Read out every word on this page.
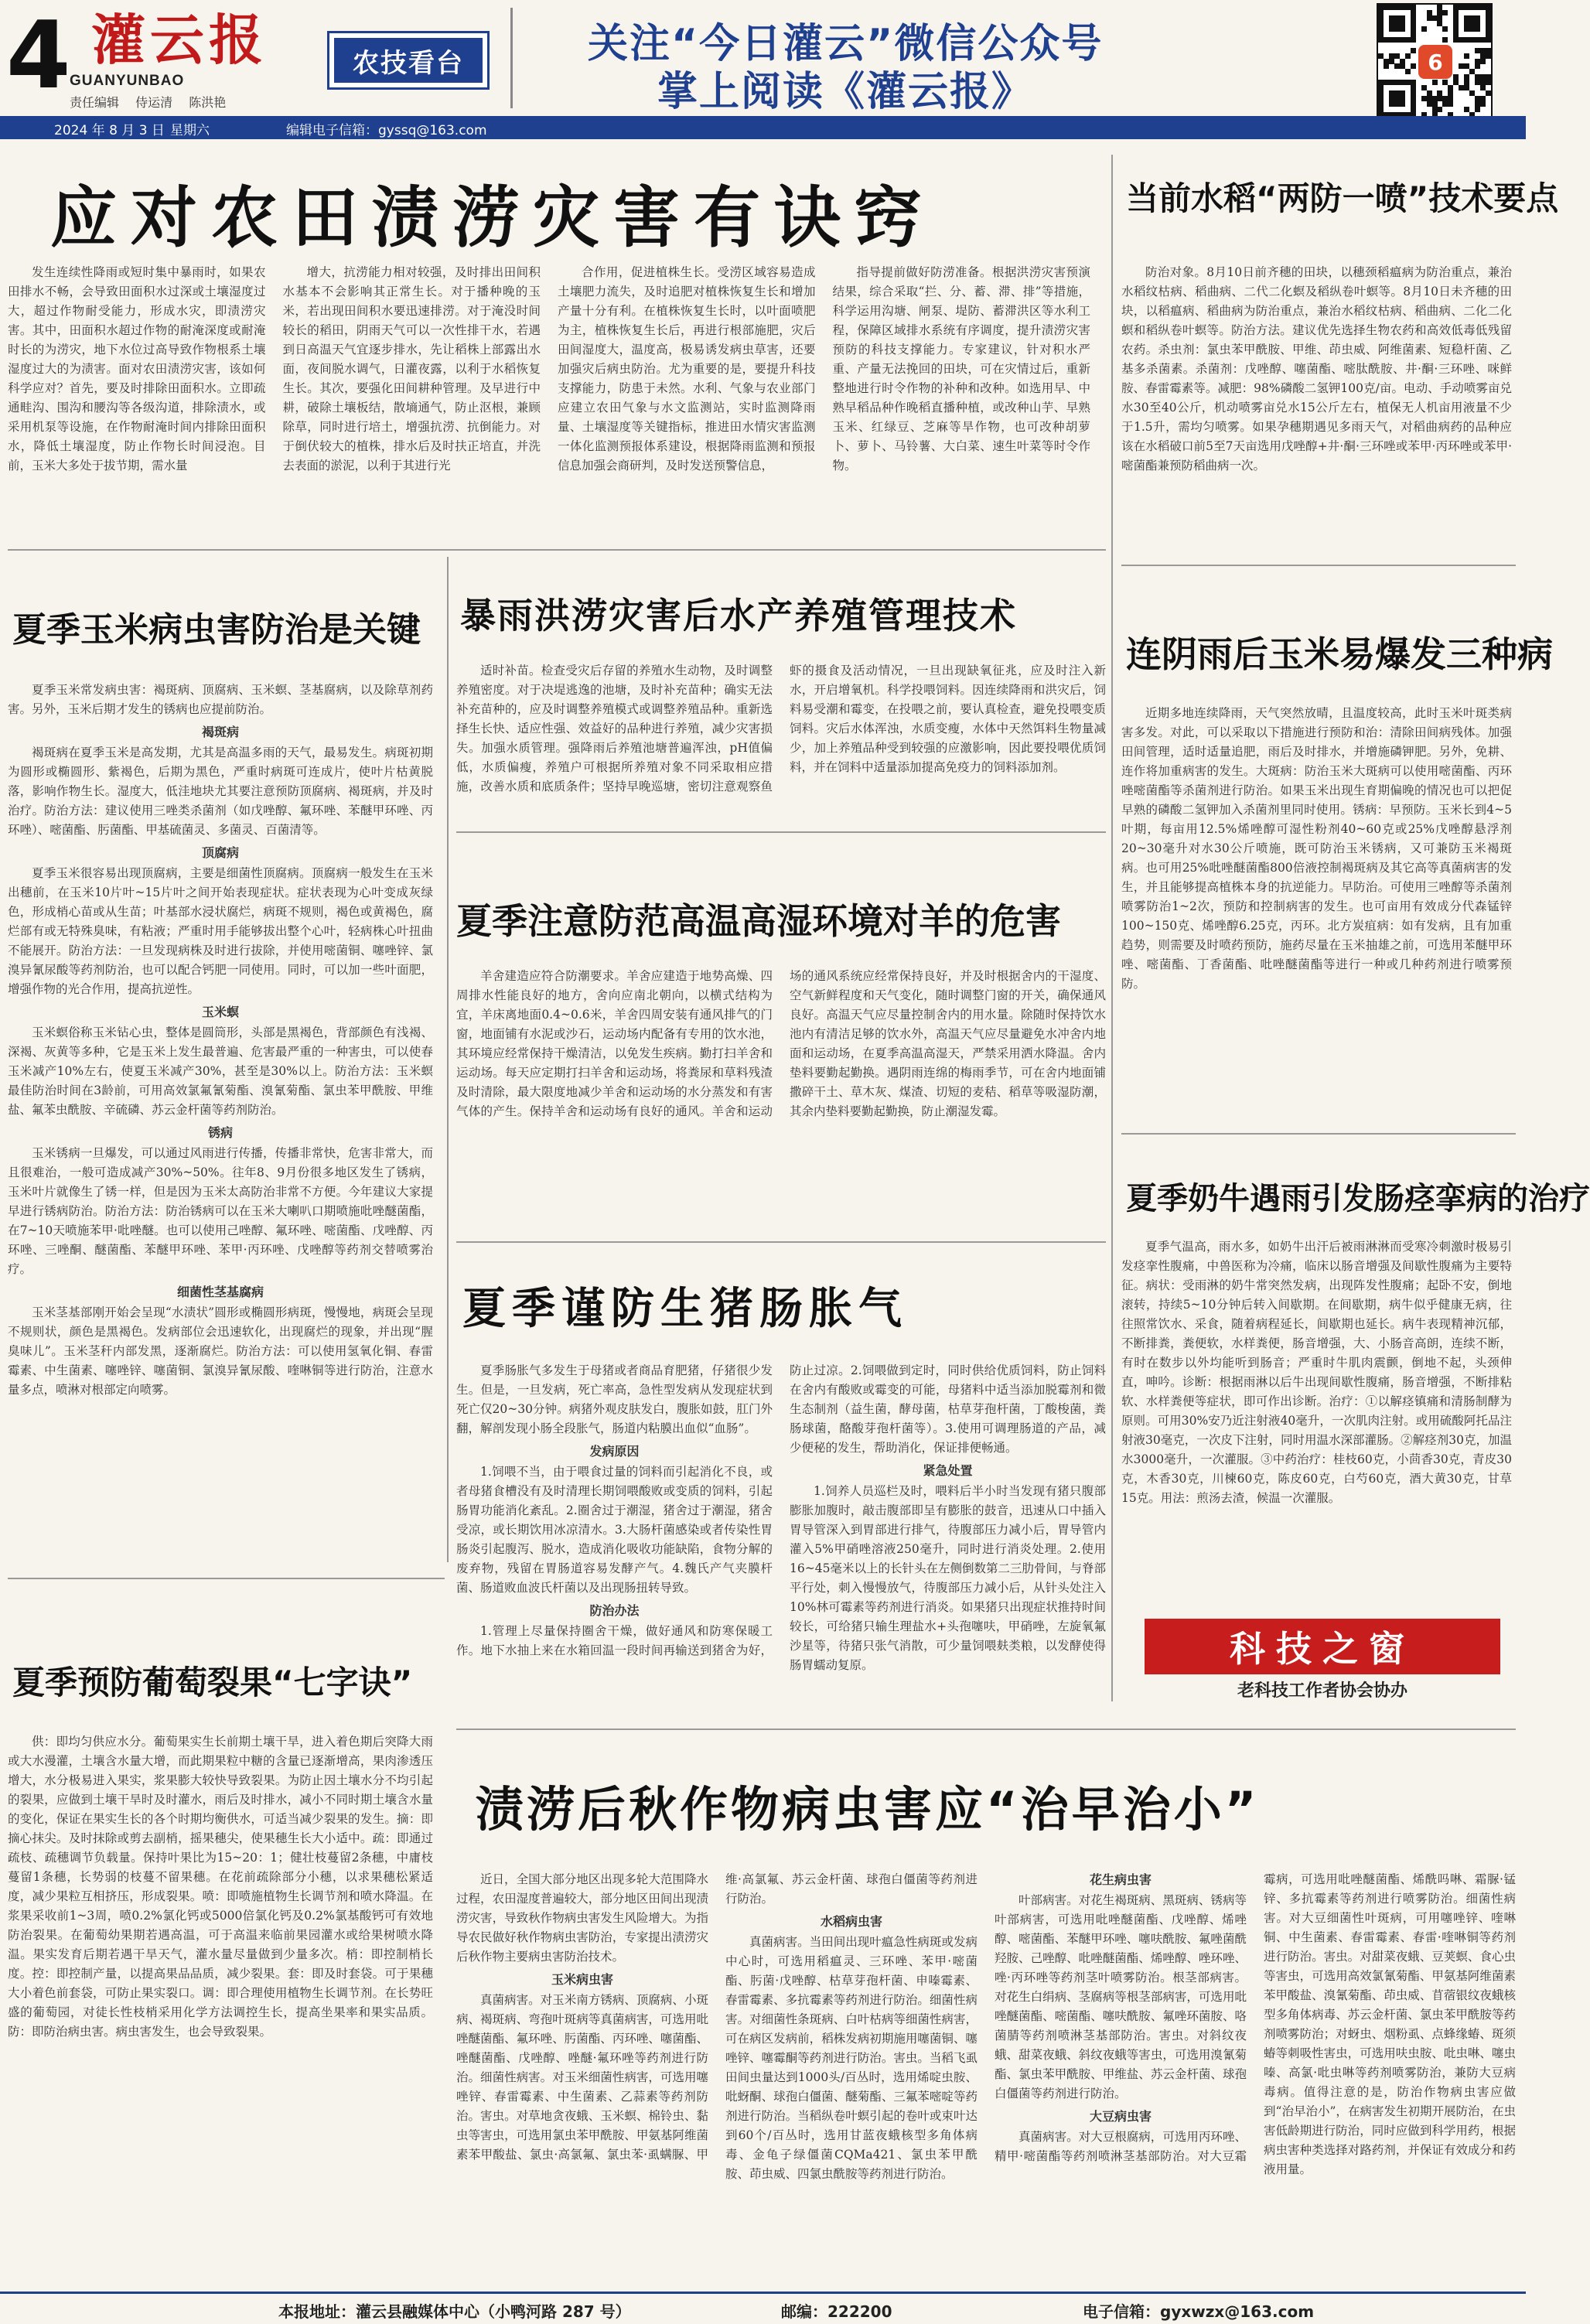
4 灌云报
GUANYUNBAO
责任编辑 侍运清 陈洪艳
农技看台	关注“今日灌云”微信公众号
掌上阅读《灌云报》
6
2024 年 8 月 3 日 星期六	编辑电子信箱：gyssq@163.com
应对农田渍涝灾害有诀窍

发生连续性降雨或短时集中暴雨时，如果农田排水不畅，会导致田面积水过深或土壤湿度过大，超过作物耐受能力，形成水灾，即渍涝灾害。其中，田面积水超过作物的耐淹深度或耐淹时长的为涝灾，地下水位过高导致作物根系土壤湿度过大的为渍害。面对农田渍涝灾害，该如何科学应对？首先，要及时排除田面积水。立即疏通畦沟、围沟和腰沟等各级沟道，排除渍水，或采用机泵等设施，在作物耐淹时间内排除田面积水，降低土壤湿度，防止作物长时间浸泡。目前，玉米大多处于拔节期，需水量

增大，抗涝能力相对较强，及时排出田间积水基本不会影响其正常生长。对于播种晚的玉米，若出现田间积水要迅速排涝。对于淹没时间较长的稻田，阴雨天气可以一次性排干水，若遇到日高温天气宜逐步排水，先让稻株上部露出水面，夜间脱水调气，日灌夜露，以利于水稻恢复生长。其次，要强化田间耕种管理。及早进行中耕，破除土壤板结，散墒通气，防止沤根，兼顾除草，同时进行培土，增强抗涝、抗倒能力。对于倒伏较大的植株，排水后及时扶正培直，并洗去表面的淤泥，以利于其进行光

合作用，促进植株生长。受涝区域容易造成土壤肥力流失，及时追肥对植株恢复生长和增加产量十分有利。在植株恢复生长时，以叶面喷肥为主，植株恢复生长后，再进行根部施肥，灾后田间湿度大，温度高，极易诱发病虫草害，还要加强灾后病虫防治。尤为重要的是，要提升科技支撑能力，防患于未然。水利、气象与农业部门应建立农田气象与水文监测站，实时监测降雨量、土壤湿度等关键指标，推进田水情灾害监测一体化监测预报体系建设，根据降雨监测和预报信息加强会商研判，及时发送预警信息，

指导提前做好防涝准备。根据洪涝灾害预演结果，综合采取“拦、分、蓄、滞、排”等措施，科学运用沟塘、闸泵、堤防、蓄滞洪区等水利工程，保障区域排水系统有序调度，提升渍涝灾害预防的科技支撑能力。专家建议，针对积水严重、产量无法挽回的田块，可在灾情过后，重新整地进行时令作物的补种和改种。如选用早、中熟早稻品种作晚稻直播种植，或改种山芋、早熟玉米、红绿豆、芝麻等旱作物，也可改种胡萝卜、萝卜、马铃薯、大白菜、速生叶菜等时令作物。

当前水稻“两防一喷”技术要点

防治对象。8月10日前齐穗的田块，以穗颈稻瘟病为防治重点，兼治水稻纹枯病、稻曲病、二代二化螟及稻纵卷叶螟等。8月10日未齐穗的田块，以稻瘟病、稻曲病为防治重点，兼治水稻纹枯病、稻曲病、二化二化螟和稻纵卷叶螟等。防治方法。建议优先选择生物农药和高效低毒低残留农药。杀虫剂：氯虫苯甲酰胺、甲维、茚虫威、阿维菌素、短稳杆菌、乙基多杀菌素。杀菌剂：戊唑醇、噻菌酯、嘧肽酰胺、井·酮·三环唑、咪鲜胺、春雷霉素等。减肥：98%磷酸二氢钾100克/亩。电动、手动喷雾亩兑水30至40公斤，机动喷雾亩兑水15公斤左右，植保无人机亩用液量不少于1.5升，需均匀喷雾。如果孕穗期遇见多雨天气，对稻曲病药的品种应该在水稻破口前5至7天亩选用戊唑醇+井·酮·三环唑或苯甲·丙环唑或苯甲·嘧菌酯兼预防稻曲病一次。

夏季玉米病虫害防治是关键

夏季玉米常发病虫害：褐斑病、顶腐病、玉米螟、茎基腐病，以及除草剂药害。另外，玉米后期才发生的锈病也应提前防治。

褐斑病

褐斑病在夏季玉米是高发期，尤其是高温多雨的天气，最易发生。病斑初期为圆形或椭圆形、紫褐色，后期为黑色，严重时病斑可连成片，使叶片枯黄脱落，影响作物生长。湿度大，低洼地块尤其要注意预防顶腐病、褐斑病，并及时治疗。防治方法：建议使用三唑类杀菌剂（如戊唑醇、氟环唑、苯醚甲环唑、丙环唑）、嘧菌酯、肟菌酯、甲基硫菌灵、多菌灵、百菌清等。

顶腐病

夏季玉米很容易出现顶腐病，主要是细菌性顶腐病。顶腐病一般发生在玉米出穗前，在玉米10片叶~15片叶之间开始表现症状。症状表现为心叶变成灰绿色，形成梢心苗或从生苗；叶基部水浸状腐烂，病斑不规则，褐色或黄褐色，腐烂部有或无特殊臭味，有粘液；严重时用手能够拔出整个心叶，轻病株心叶扭曲不能展开。防治方法：一旦发现病株及时进行拔除，并使用嘧菌铜、噻唑锌、氯溴异氰尿酸等药剂防治，也可以配合钙肥一同使用。同时，可以加一些叶面肥，增强作物的光合作用，提高抗逆性。

玉米螟

玉米螟俗称玉米钻心虫，整体是圆筒形，头部是黑褐色，背部颜色有浅褐、深褐、灰黄等多种，它是玉米上发生最普遍、危害最严重的一种害虫，可以使春玉米减产10%左右，使夏玉米减产30%，甚至是30%以上。防治方法：玉米螟最佳防治时间在3龄前，可用高效氯氟氰菊酯、溴氰菊酯、氯虫苯甲酰胺、甲维盐、氟苯虫酰胺、辛硫磷、苏云金杆菌等药剂防治。

锈病

玉米锈病一旦爆发，可以通过风雨进行传播，传播非常快，危害非常大，而且很难治，一般可造成减产30%~50%。往年8、9月份很多地区发生了锈病，玉米叶片就像生了锈一样，但是因为玉米太高防治非常不方便。今年建议大家提早进行锈病防治。防治方法：防治锈病可以在玉米大喇叭口期喷施吡唑醚菌酯，在7~10天喷施苯甲·吡唑醚。也可以使用己唑醇、氟环唑、嘧菌酯、戊唑醇、丙环唑、三唑酮、醚菌酯、苯醚甲环唑、苯甲·丙环唑、戊唑醇等药剂交替喷雾治疗。

细菌性茎基腐病

玉米茎基部刚开始会呈现“水渍状”圆形或椭圆形病斑，慢慢地，病斑会呈现不规则状，颜色是黑褐色。发病部位会迅速软化，出现腐烂的现象，并出现“腥臭味儿”。玉米茎秆内部发黑，逐渐腐烂。防治方法：可以使用氢氧化铜、春雷霉素、中生菌素、噻唑锌、噻菌铜、氯溴异氰尿酸、喹啉铜等进行防治，注意水量多点，喷淋对根部定向喷雾。

暴雨洪涝灾害后水产养殖管理技术

适时补苗。检查受灾后存留的养殖水生动物，及时调整养殖密度。对于决堤逃逸的池塘，及时补充苗种；确实无法补充苗种的，应及时调整养殖模式或调整养殖品种。重新选择生长快、适应性强、效益好的品种进行养殖，减少灾害损失。加强水质管理。强降雨后养殖池塘普遍浑浊，pH值偏低，水质偏瘦，养殖户可根据所养殖对象不同采取相应措施，改善水质和底质条件；坚持早晚巡塘，密切注意观察鱼虾的摄食及活动情况，一旦出现缺氧征兆，应及时注入新水，开启增氧机。科学投喂饲料。因连续降雨和洪灾后，饲料易受潮和霉变，在投喂之前，要认真检查，避免投喂变质饲料。灾后水体浑浊，水质变瘦，水体中天然饵料生物量减少，加上养殖品种受到较强的应激影响，因此要投喂优质饲料，并在饲料中适量添加提高免疫力的饲料添加剂。

夏季注意防范高温高湿环境对羊的危害

羊舍建造应符合防潮要求。羊舍应建造于地势高燥、四周排水性能良好的地方，舍向应南北朝向，以横式结构为宜，羊床离地面0.4~0.6米，羊舍四周安装有通风排气的门窗，地面铺有水泥或沙石，运动场内配备有专用的饮水池，其环境应经常保持干燥清洁，以免发生疾病。勤打扫羊舍和运动场。每天应定期打扫羊舍和运动场，将粪尿和草料残渣及时清除，最大限度地减少羊舍和运动场的水分蒸发和有害气体的产生。保持羊舍和运动场有良好的通风。羊舍和运动场的通风系统应经常保持良好，并及时根据舍内的干湿度、空气新鲜程度和天气变化，随时调整门窗的开关，确保通风良好。高温天气应尽量控制舍内的用水量。除随时保持饮水池内有清洁足够的饮水外，高温天气应尽量避免水冲舍内地面和运动场，在夏季高温高湿天，严禁采用洒水降温。舍内垫料要勤起勤换。遇阴雨连绵的梅雨季节，可在舍内地面铺撒碎干土、草木灰、煤渣、切短的麦秸、稻草等吸湿防潮，其余内垫料要勤起勤换，防止潮湿发霉。

夏季谨防生猪肠胀气

夏季肠胀气多发生于母猪或者商品育肥猪，仔猪很少发生。但是，一旦发病，死亡率高，急性型发病从发现症状到死亡仅20~30分钟。病猪外观皮肤发白，腹胀如鼓，肛门外翻，解剖发现小肠全段胀气，肠道内粘膜出血似“血肠”。

发病原因

1.饲喂不当，由于喂食过量的饲料而引起消化不良，或者母猪食槽没有及时清理长期饲喂酸败或变质的饲料，引起肠胃功能消化紊乱。2.圈舍过于潮湿，猪舍过于潮湿，猪舍受凉，或长期饮用冰凉清水。3.大肠杆菌感染或者传染性胃肠炎引起腹泻、脱水，造成消化吸收功能缺陷，食物分解的废弃物，残留在胃肠道容易发酵产气。4.魏氏产气夹膜杆菌、肠道败血波氏杆菌以及出现肠扭转导致。

防治办法

1.管理上尽量保持圈舍干燥，做好通风和防寒保暖工作。地下水抽上来在水箱回温一段时间再输送到猪舍为好，防止过凉。2.饲喂做到定时，同时供给优质饲料，防止饲料在舍内有酸败或霉变的可能，母猪料中适当添加脱霉剂和微生态制剂（益生菌，酵母菌，枯草芽孢杆菌，丁酸梭菌，粪肠球菌，酪酸芽孢杆菌等）。3.使用可调理肠道的产品，减少便秘的发生，帮助消化，保证排便畅通。

紧急处置

1.饲养人员巡栏及时，喂料后半小时当发现有猪只腹部膨胀加腹时，敲击腹部即呈有膨胀的鼓音，迅速从口中插入胃导管深入到胃部进行排气，待腹部压力减小后，胃导管内灌入5%甲硝唑溶液250毫升，同时进行消炎处理。2.使用16~45毫米以上的长针头在左侧倒数第二三肋骨间，与脊部平行处，刺入慢慢放气，待腹部压力减小后，从针头处注入10%林可霉素等药剂进行消炎。如果猪只出现症状推持时间较长，可给猪只输生理盐水+头孢噻呋，甲硝唑，左旋氧氟沙星等，待猪只张气消散，可少量饲喂麸类粮，以发酵使得肠胃蠕动复原。

连阴雨后玉米易爆发三种病

近期多地连续降雨，天气突然放晴，且温度较高，此时玉米叶斑类病害多发。对此，可以采取以下措施进行预防和治：清除田间病残体。加强田间管理，适时适量追肥，雨后及时排水，并增施磷钾肥。另外，免耕、连作将加重病害的发生。大斑病：防治玉米大斑病可以使用嘧菌酯、丙环唑嘧菌酯等杀菌剂进行防治。如果玉米出现生育期偏晚的情况也可以把促早熟的磷酸二氢钾加入杀菌剂里同时使用。锈病：早预防。玉米长到4~5叶期，每亩用12.5%烯唑醇可湿性粉剂40~60克或25%戊唑醇悬浮剂20~30毫升对水30公斤喷施，既可防治玉米锈病，又可兼防玉米褐斑病。也可用25%吡唑醚菌酯800倍液控制褐斑病及其它高等真菌病害的发生，并且能够提高植株本身的抗逆能力。早防治。可使用三唑醇等杀菌剂喷雾防治1~2次，预防和控制病害的发生。也可亩用有效成分代森锰锌100~150克、烯唑醇6.25克，丙环。北方炭疽病：如有发病，且有加重趋势，则需要及时喷药预防，施药尽量在玉米抽雄之前，可选用苯醚甲环唑、嘧菌酯、丁香菌酯、吡唑醚菌酯等进行一种或几种药剂进行喷雾预防。

夏季奶牛遇雨引发肠痉挛病的治疗

夏季气温高，雨水多，如奶牛出汗后被雨淋淋而受寒冷刺激时极易引发痉挛性腹痛，中兽医称为冷痛，临床以肠音增强及间歇性腹痛为主要特征。病状：受雨淋的奶牛常突然发病，出现阵发性腹痛；起卧不安，倒地滚转，持续5~10分钟后转入间歇期。在间歇期，病牛似乎健康无病，往往照常饮水、采食，随着病程延长，间歇期也延长。病牛表现精神沉郁，不断排粪，粪便软，水样粪便，肠音增强，大、小肠音高朗，连续不断，有时在数步以外均能听到肠音；严重时牛肌肉震颤，倒地不起，头颈伸直，呻吟。诊断：根据雨淋以后牛出现间歇性腹痛，肠音增强，不断排粘软、水样粪便等症状，即可作出诊断。治疗：①以解痉镇痛和清肠制酵为原则。可用30%安乃近注射液40毫升，一次肌肉注射。或用硫酸阿托品注射液30毫克，一次皮下注射，同时用温水深部灌肠。②解痉剂30克，加温水3000毫升，一次灌服。③中药治疗：桂枝60克，小茴香30克，青皮30克，木香30克，川楝60克，陈皮60克，白芍60克，酒大黄30克，甘草15克。用法：煎汤去渣，候温一次灌服。

科技之窗
老科技工作者协会协办
夏季预防葡萄裂果“七字诀”

供：即均匀供应水分。葡萄果实生长前期土壤干旱，进入着色期后突降大雨或大水漫灌，土壤含水量大增，而此期果粒中糖的含量已逐渐增高，果肉渗透压增大，水分极易进入果实，浆果膨大较快导致裂果。为防止因土壤水分不均引起的裂果，应做到土壤干旱时及时灌水，雨后及时排水，减小不同时期土壤含水量的变化，保证在果实生长的各个时期均衡供水，可适当减少裂果的发生。摘：即摘心抹尖。及时抹除或剪去副梢，摇果穗尖，使果穗生长大小适中。疏：即通过疏枝、疏穗调节负载量。保持叶果比为15~20：1；健壮枝蔓留2条穗，中庸枝蔓留1条穗，长势弱的枝蔓不留果穗。在花前疏除部分小穗，以求果穗松紧适度，减少果粒互相挤压，形成裂果。喷：即喷施植物生长调节剂和喷水降温。在浆果采收前1~3周，喷0.2%氯化钙或5000倍氯化钙及0.2%氯基酸钙可有效地防治裂果。在葡萄幼果期若遇高温，可于高温来临前果园灌水或给果树喷水降温。果实发育后期若遇干旱天气，灌水量尽量做到少量多次。梢：即控制梢长度。控：即控制产量，以提高果品品质，减少裂果。套：即及时套袋。可于果穗大小着色前套袋，可防止果实裂口。调：即合理使用植物生长调节剂。在长势旺盛的葡萄园，对徒长性枝梢采用化学方法调控生长，提高坐果率和果实品质。防：即防治病虫害。病虫害发生，也会导致裂果。

渍涝后秋作物病虫害应“治早治小”

近日，全国大部分地区出现多轮大范围降水过程，农田湿度普遍较大，部分地区田间出现渍涝灾害，导致秋作物病虫害发生风险增大。为指导农民做好秋作物病虫害防治，专家提出渍涝灾后秋作物主要病虫害防治技术。

玉米病虫害

真菌病害。对玉米南方锈病、顶腐病、小斑病、褐斑病、弯孢叶斑病等真菌病害，可选用吡唑醚菌酯、氟环唑、肟菌酯、丙环唑、噻菌酯、唑醚菌酯、戊唑醇、唑醚·氟环唑等药剂进行防治。细菌性病害。对玉米细菌性病害，可选用噻唑锌、春雷霉素、中生菌素、乙蒜素等药剂防治。害虫。对草地贪夜蛾、玉米螟、棉铃虫、黏虫等害虫，可选用氯虫苯甲酰胺、甲氨基阿维菌素苯甲酸盐、氯虫·高氯氟、氯虫苯·虱螨脲、甲维·高氯氟、苏云金杆菌、球孢白僵菌等药剂进行防治。

水稻病虫害

真菌病害。当田间出现叶瘟急性病斑或发病中心时，可选用稻瘟灵、三环唑、苯甲·嘧菌酯、肟菌·戊唑醇、枯草芽孢杆菌、申嗪霉素、春雷霉素、多抗霉素等药剂进行防治。细菌性病害。对细菌性条斑病、白叶枯病等细菌性病害，可在病区发病前，稻株发病初期施用噻菌铜、噻唑锌、噻霉酮等药剂进行防治。害虫。当稻飞虱田间虫量达到1000头/百丛时，选用烯啶虫胺、吡蚜酮、球孢白僵菌、醚菊酯、三氟苯嘧啶等药剂进行防治。当稻纵卷叶螟引起的卷叶或束叶达到60个/百丛时，选用甘蓝夜蛾核型多角体病毒、金龟子绿僵菌CQMa421、氯虫苯甲酰胺、茚虫威、四氯虫酰胺等药剂进行防治。

花生病虫害

叶部病害。对花生褐斑病、黑斑病、锈病等叶部病害，可选用吡唑醚菌酯、戊唑醇、烯唑醇、嘧菌酯、苯醚甲环唑、噻呋酰胺、氟唑菌酰羟胺、己唑醇、吡唑醚菌酯、烯唑醇、唑环唑、唑·丙环唑等药剂茎叶喷雾防治。根茎部病害。对花生白绢病、茎腐病等根茎部病害，可选用吡唑醚菌酯、嘧菌酯、噻呋酰胺、氟唑环菌胺、咯菌腈等药剂喷淋茎基部防治。害虫。对斜纹夜蛾、甜菜夜蛾、斜纹夜蛾等害虫，可选用溴氰菊酯、氯虫苯甲酰胺、甲维盐、苏云金杆菌、球孢白僵菌等药剂进行防治。

大豆病虫害

真菌病害。对大豆根腐病，可选用丙环唑、精甲·嘧菌酯等药剂喷淋茎基部防治。对大豆霜霉病，可选用吡唑醚菌酯、烯酰吗啉、霜脲·锰锌、多抗霉素等药剂进行喷雾防治。细菌性病害。对大豆细菌性叶斑病，可用噻唑锌、喹啉铜、中生菌素、春雷霉素、春雷·喹啉铜等药剂进行防治。害虫。对甜菜夜蛾、豆荚螟、食心虫等害虫，可选用高效氯氰菊酯、甲氨基阿维菌素苯甲酸盐、溴氰菊酯、茚虫威、苜蓿银纹夜蛾核型多角体病毒、苏云金杆菌、氯虫苯甲酰胺等药剂喷雾防治；对蚜虫、烟粉虱、点蜂缘蝽、斑须蝽等刺吸性害虫，可选用呋虫胺、吡虫啉、噻虫嗪、高氯·吡虫啉等药剂喷雾防治，兼防大豆病毒病。值得注意的是，防治作物病虫害应做到“治早治小”，在病害发生初期开展防治，在虫害低龄期进行防治，同时应做到科学用药，根据病虫害种类选择对路药剂，并保证有效成分和药液用量。

本报地址：灌云县融媒体中心（小鸭河路 287 号）	邮编：222200	电子信箱：gyxwzx@163.com
